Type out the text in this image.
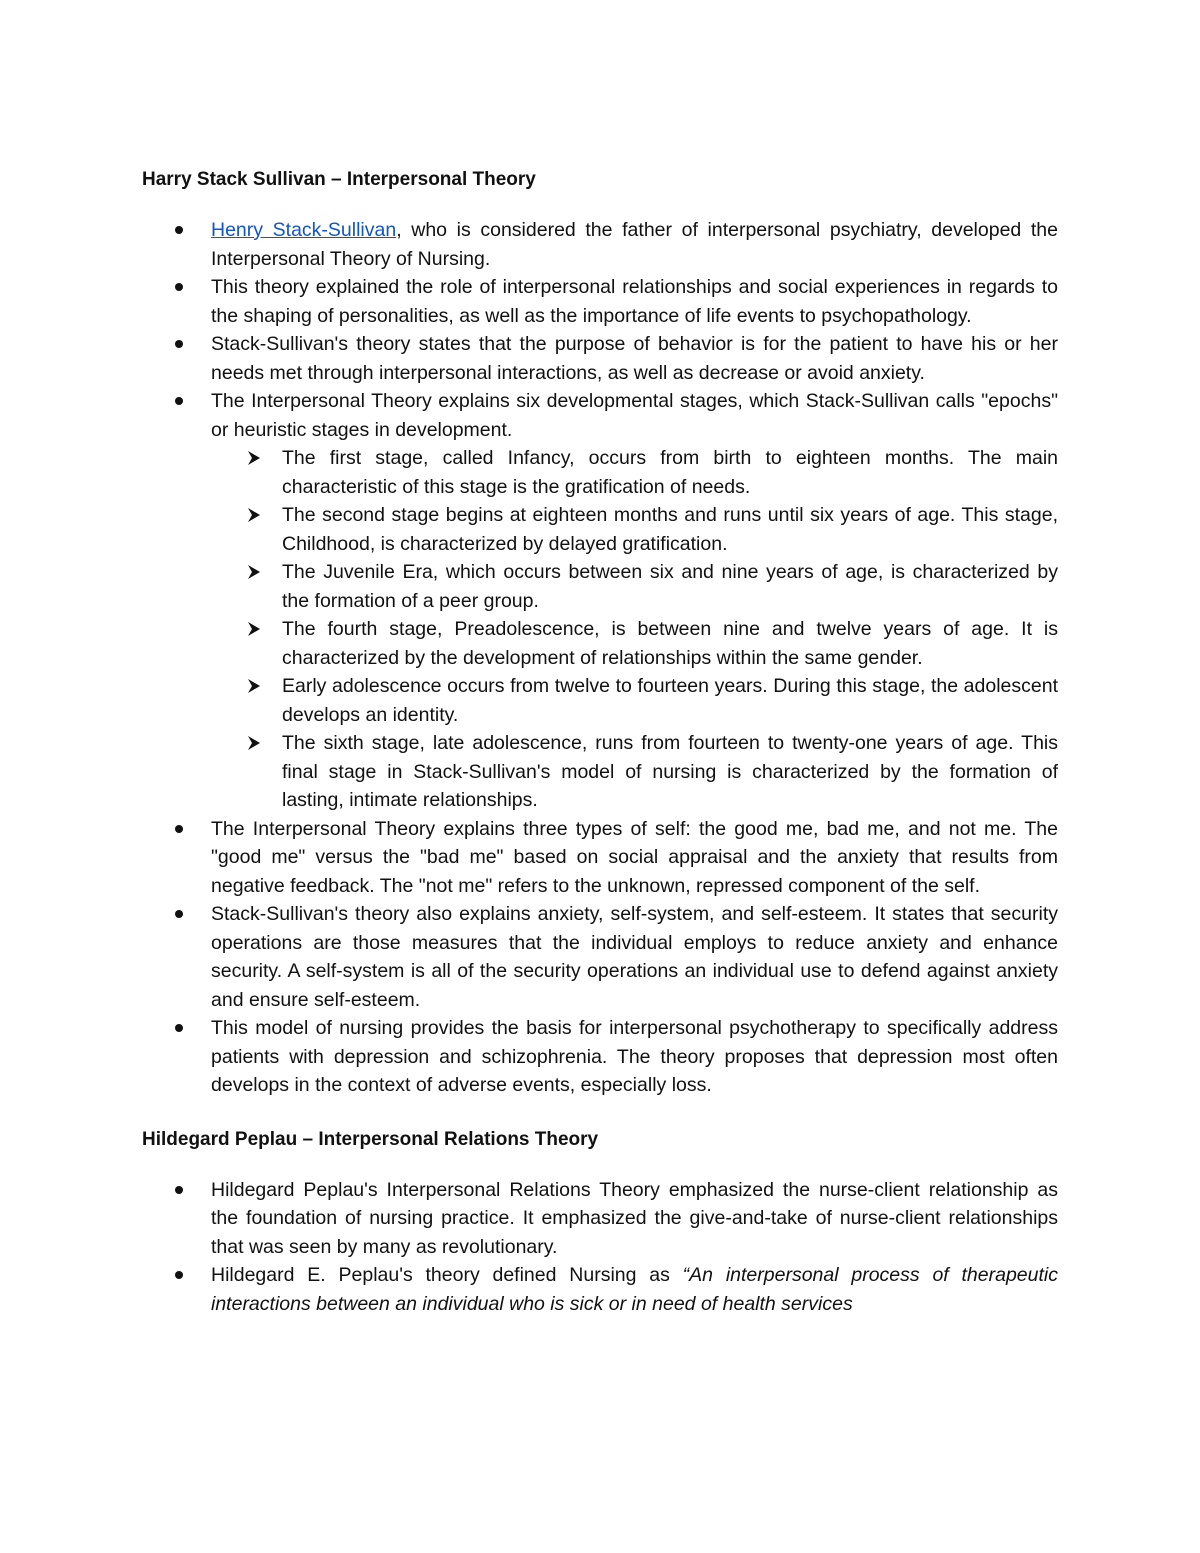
Harry Stack Sullivan – Interpersonal Theory
Henry Stack-Sullivan, who is considered the father of interpersonal psychiatry, developed the Interpersonal Theory of Nursing.
This theory explained the role of interpersonal relationships and social experiences in regards to the shaping of personalities, as well as the importance of life events to psychopathology.
Stack-Sullivan's theory states that the purpose of behavior is for the patient to have his or her needs met through interpersonal interactions, as well as decrease or avoid anxiety.
The Interpersonal Theory explains six developmental stages, which Stack-Sullivan calls "epochs" or heuristic stages in development.
The first stage, called Infancy, occurs from birth to eighteen months. The main characteristic of this stage is the gratification of needs.
The second stage begins at eighteen months and runs until six years of age. This stage, Childhood, is characterized by delayed gratification.
The Juvenile Era, which occurs between six and nine years of age, is characterized by the formation of a peer group.
The fourth stage, Preadolescence, is between nine and twelve years of age. It is characterized by the development of relationships within the same gender.
Early adolescence occurs from twelve to fourteen years. During this stage, the adolescent develops an identity.
The sixth stage, late adolescence, runs from fourteen to twenty-one years of age. This final stage in Stack-Sullivan's model of nursing is characterized by the formation of lasting, intimate relationships.
The Interpersonal Theory explains three types of self: the good me, bad me, and not me. The "good me" versus the "bad me" based on social appraisal and the anxiety that results from negative feedback. The "not me" refers to the unknown, repressed component of the self.
Stack-Sullivan's theory also explains anxiety, self-system, and self-esteem. It states that security operations are those measures that the individual employs to reduce anxiety and enhance security. A self-system is all of the security operations an individual use to defend against anxiety and ensure self-esteem.
This model of nursing provides the basis for interpersonal psychotherapy to specifically address patients with depression and schizophrenia. The theory proposes that depression most often develops in the context of adverse events, especially loss.
Hildegard Peplau – Interpersonal Relations Theory
Hildegard Peplau's Interpersonal Relations Theory emphasized the nurse-client relationship as the foundation of nursing practice. It emphasized the give-and-take of nurse-client relationships that was seen by many as revolutionary.
Hildegard E. Peplau's theory defined Nursing as “An interpersonal process of therapeutic interactions between an individual who is sick or in need of health services
